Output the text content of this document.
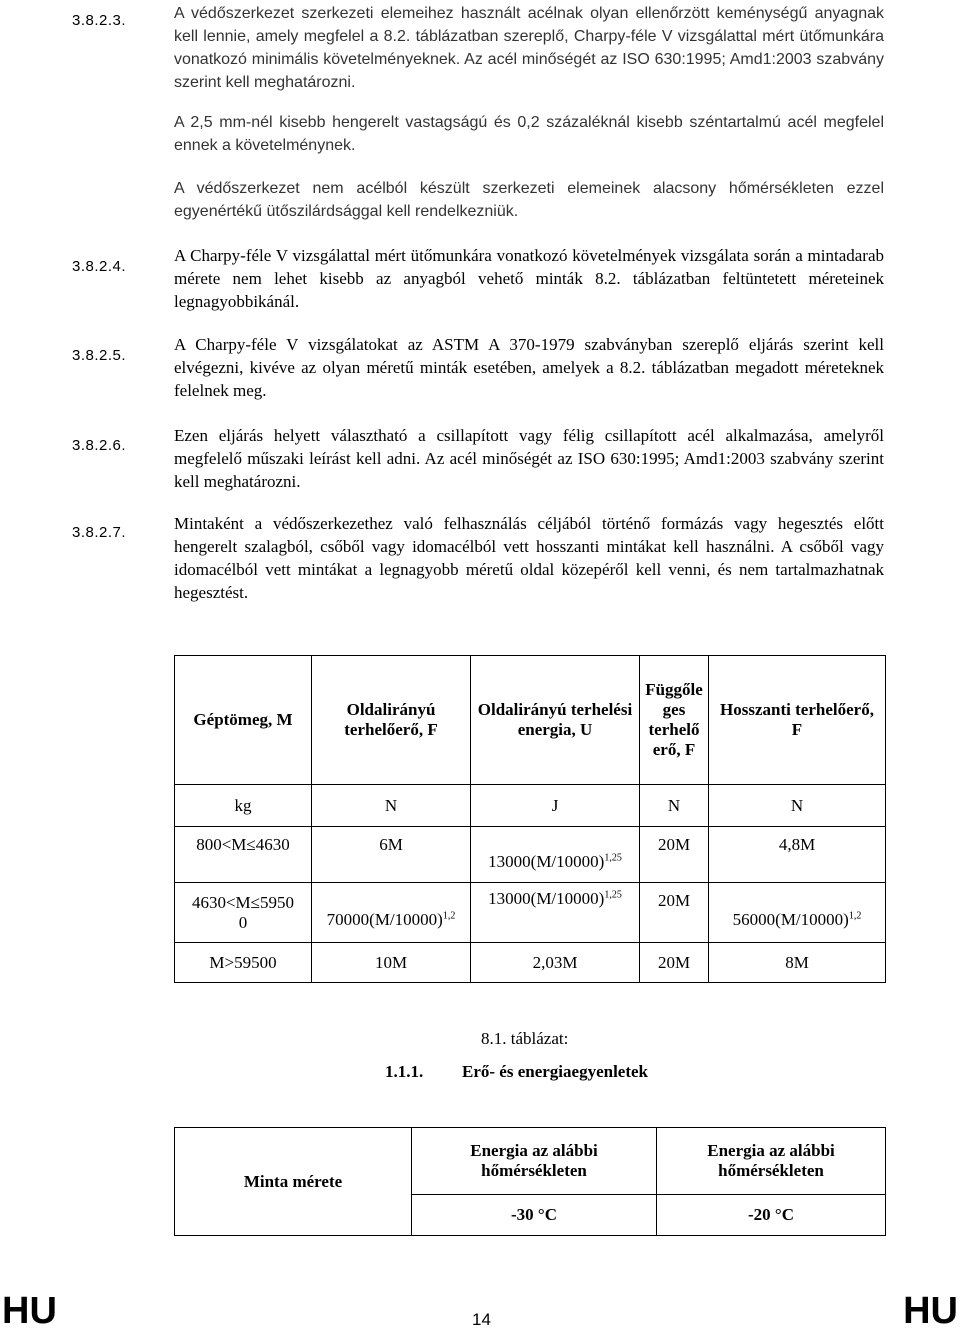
3.8.2.3.
3.8.2.4.
3.8.2.5.
3.8.2.6.
3.8.2.7.
A védőszerkezet szerkezeti elemeihez használt acélnak olyan ellenőrzött keménységű anyagnak kell lennie, amely megfelel a 8.2. táblázatban szereplő, Charpy-féle V vizsgálattal mért ütőmunkára vonatkozó minimális követelményeknek. Az acél minőségét az ISO 630:1995; Amd1:2003 szabvány szerint kell meghatározni.
A 2,5 mm-nél kisebb hengerelt vastagságú és 0,2 százaléknál kisebb széntartalmú acél megfelel ennek a követelménynek.
A védőszerkezet nem acélból készült szerkezeti elemeinek alacsony hőmérsékleten ezzel egyenértékű ütőszilárdsággal kell rendelkezniük.
A Charpy-féle V vizsgálattal mért ütőmunkára vonatkozó követelmények vizsgálata során a mintadarab mérete nem lehet kisebb az anyagból vehető minták 8.2. táblázatban feltüntetett méreteinek legnagyobbikánál.
A Charpy-féle V vizsgálatokat az ASTM A 370-1979 szabványban szereplő eljárás szerint kell elvégezni, kivéve az olyan méretű minták esetében, amelyek a 8.2. táblázatban megadott méreteknek felelnek meg.
Ezen eljárás helyett választható a csillapított vagy félig csillapított acél alkalmazása, amelyről megfelelő műszaki leírást kell adni. Az acél minőségét az ISO 630:1995; Amd1:2003 szabvány szerint kell meghatározni.
Mintaként a védőszerkezethez való felhasználás céljából történő formázás vagy hegesztés előtt hengerelt szalagból, csőből vagy idomacélból vett hosszanti mintákat kell használni. A csőből vagy idomacélból vett mintákat a legnagyobb méretű oldal közepéről kell venni, és nem tartalmazhatnak hegesztést.
Géptömeg, M	Oldalirányú terhelőerő, F	Oldalirányú terhelési energia, U	Függőle
ges
terhelő
erő, F	Hosszanti terhelőerő, F
kg	N	J	N	N
800<M≤4630	6M	$13000(M/10000)^{1,25}$	20M	4,8M
4630<M≤5950
0	$70000(M/10000)^{1,2}$	$13000(M/10000)^{1,25}$	20M	$56000(M/10000)^{1,2}$
M>59500	10M	2,03M	20M	8M
8.1. táblázat:
1.1.1. Erő- és energiaegyenletek
Minta mérete	Energia az alábbi hőmérsékleten	Energia az alábbi hőmérsékleten
	-30 °C	-20 °C
HU	14	HU
